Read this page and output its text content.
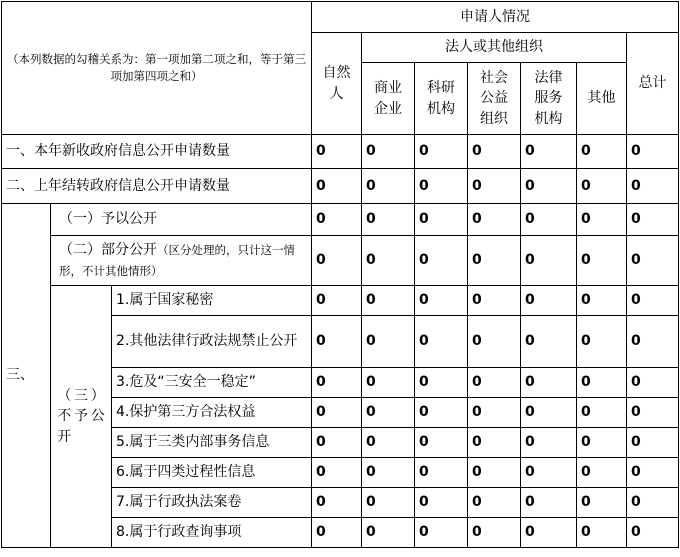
（本列数据的勾稽关系为：第一项加第二项之和，等于第三项加第四项之和）			申请人情况						

			自然人	法人或其他组织					总计

				商业企业	科研机构	社会公益组织	法律服务机构	其他	
一、本年新收政府信息公开申请数量			0	0	0	0	0	0	0
二、上年结转政府信息公开申请数量			0	0	0	0	0	0	0
三、	（一）予以公开		0	0	0	0	0	0	0
	（二）部分公开（区分处理的，只计这一情形，不计其他情形）		0	0	0	0	0	0	0

	（三）不予公开	1.属于国家秘密	0	0	0	0	0	0	0
		2.其他法律行政法规禁止公开	0	0	0	0	0	0	0
		3.危及“三安全一稳定”	0	0	0	0	0	0	0
		4.保护第三方合法权益	0	0	0	0	0	0	0
		5.属于三类内部事务信息	0	0	0	0	0	0	0
		6.属于四类过程性信息	0	0	0	0	0	0	0
		7.属于行政执法案卷	0	0	0	0	0	0	0
		8.属于行政查询事项	0	0	0	0	0	0	0
